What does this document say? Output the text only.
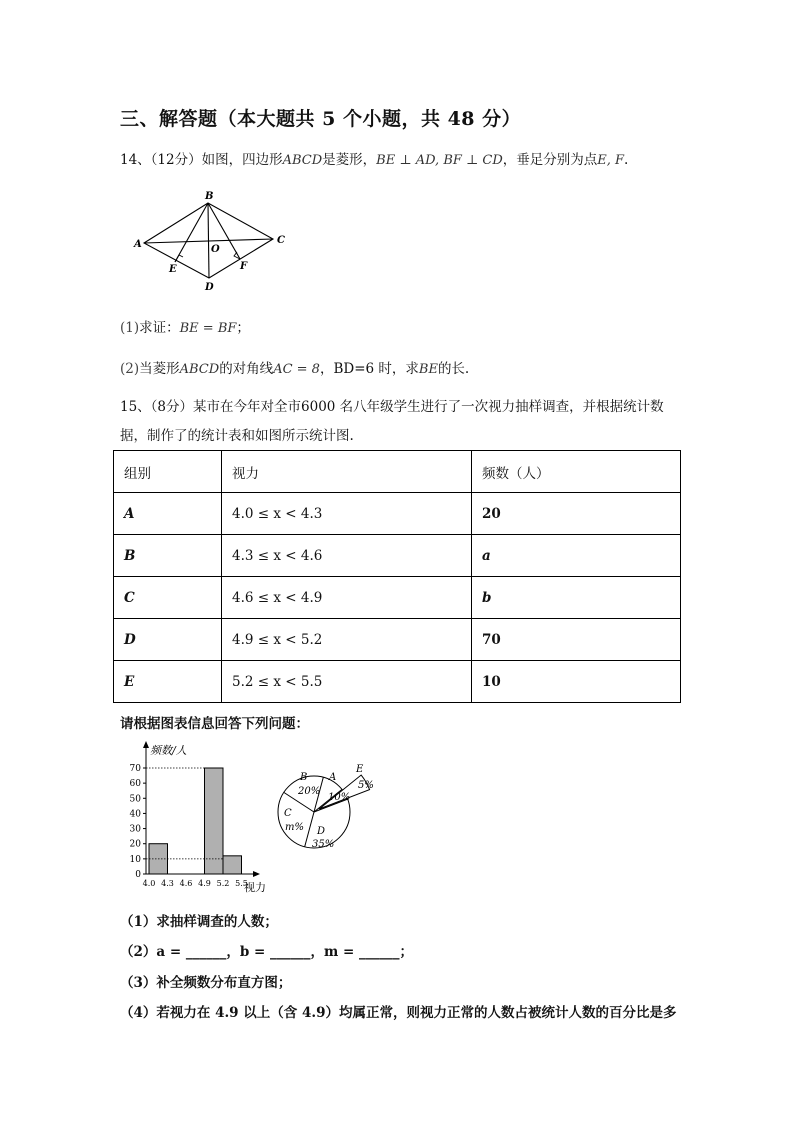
三、解答题（本大题共 5 个小题，共 48 分）
14、（12分）如图，四边形ABCD是菱形，BE ⊥ AD, BF ⊥ CD，垂足分别为点E, F.
B
A	C
D
E	F
O
(1)求证：BE = BF；
(2)当菱形ABCD的对角线AC = 8，BD=6 时，求BE的长.
15、（8分）某市在今年对全市6000 名八年级学生进行了一次视力抽样调查，并根据统计数
据，制作了的统计表和如图所示统计图.
组别	视力	频数（人）
A	4.0 ≤ x < 4.3	20
B	4.3 ≤ x < 4.6	a
C	4.6 ≤ x < 4.9	b
D	4.9 ≤ x < 5.2	70
E	5.2 ≤ x < 5.5	10
请根据图表信息回答下列问题：
0
10
20
30
40
50
60
70
4.0 4.3 4.6 4.9 5.2 5.5
频数/人
视力
A
10%
B
20%
C
m% D
35%
E
5%
（1）求抽样调查的人数；
（2）a = ______，b = ______，m = ______；
（3）补全频数分布直方图；
（4）若视力在 4.9 以上（含 4.9）均属正常，则视力正常的人数占被统计人数的百分比是多
